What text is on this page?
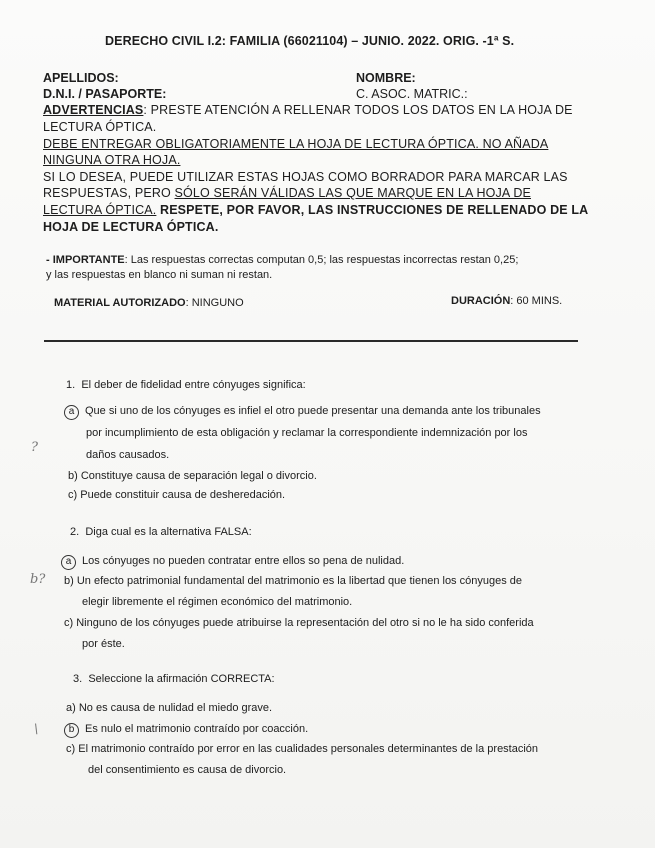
DERECHO CIVIL I.2: FAMILIA (66021104) – JUNIO. 2022. ORIG. -1ª S.
APELLIDOS:	NOMBRE:
D.N.I. / PASAPORTE:	C. ASOC. MATRIC.:
ADVERTENCIAS: PRESTE ATENCIÓN A RELLENAR TODOS LOS DATOS EN LA HOJA DE
LECTURA ÓPTICA.
DEBE ENTREGAR OBLIGATORIAMENTE LA HOJA DE LECTURA ÓPTICA. NO AÑADA
NINGUNA OTRA HOJA.
SI LO DESEA, PUEDE UTILIZAR ESTAS HOJAS COMO BORRADOR PARA MARCAR LAS
RESPUESTAS, PERO SÓLO SERÁN VÁLIDAS LAS QUE MARQUE EN LA HOJA DE
LECTURA ÓPTICA. RESPETE, POR FAVOR, LAS INSTRUCCIONES DE RELLENADO DE LA
HOJA DE LECTURA ÓPTICA.
- IMPORTANTE: Las respuestas correctas computan 0,5; las respuestas incorrectas restan 0,25;
y las respuestas en blanco ni suman ni restan.
MATERIAL AUTORIZADO: NINGUNO	DURACIÓN: 60 MINS.
1. El deber de fidelidad entre cónyuges significa:
a Que si uno de los cónyuges es infiel el otro puede presentar una demanda ante los tribunales
por incumplimiento de esta obligación y reclamar la correspondiente indemnización por los
daños causados.
b) Constituye causa de separación legal o divorcio.
c) Puede constituir causa de desheredación.
2. Diga cual es la alternativa FALSA:
a Los cónyuges no pueden contratar entre ellos so pena de nulidad.
b) Un efecto patrimonial fundamental del matrimonio es la libertad que tienen los cónyuges de
elegir libremente el régimen económico del matrimonio.
c) Ninguno de los cónyuges puede atribuirse la representación del otro si no le ha sido conferida
por éste.
3. Seleccione la afirmación CORRECTA:
a) No es causa de nulidad el miedo grave.
b Es nulo el matrimonio contraído por coacción.
c) El matrimonio contraído por error en las cualidades personales determinantes de la prestación
del consentimiento es causa de divorcio.
?
b?
\
